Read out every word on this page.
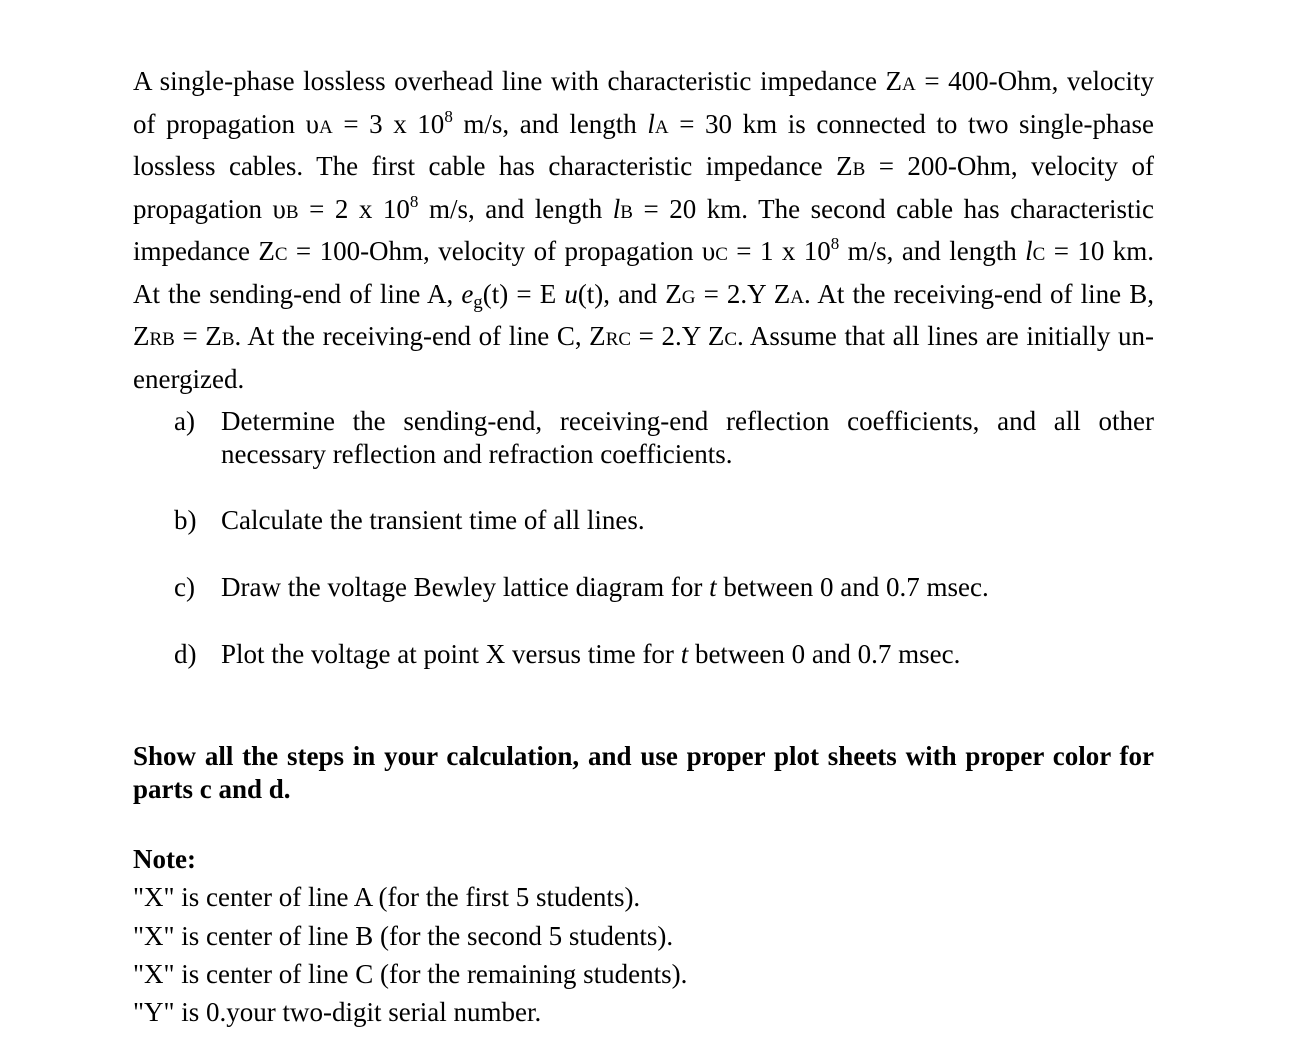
A single-phase lossless overhead line with characteristic impedance ZA = 400-Ohm, velocity of propagation υA = 3 x $10^8$ m/s, and length lA = 30 km is connected to two single-phase lossless cables. The first cable has characteristic impedance ZB = 200-Ohm, velocity of propagation υB = 2 x $10^8$ m/s, and length lB = 20 km. The second cable has characteristic impedance ZC = 100-Ohm, velocity of propagation υC = 1 x $10^8$ m/s, and length lC = 10 km. At the sending-end of line A, $e_g(t) = E$ u(t), and ZG = 2.Y ZA. At the receiving-end of line B, ZRB = ZB. At the receiving-end of line C, ZRC = 2.Y ZC. Assume that all lines are initially un-energized.
a) Determine the sending-end, receiving-end reflection coefficients, and all other necessary reflection and refraction coefficients.
b) Calculate the transient time of all lines.
c) Draw the voltage Bewley lattice diagram for t between 0 and 0.7 msec.
d) Plot the voltage at point X versus time for t between 0 and 0.7 msec.
Show all the steps in your calculation, and use proper plot sheets with proper color for parts c and d.
Note:
"X" is center of line A (for the first 5 students).
"X" is center of line B (for the second 5 students).
"X" is center of line C (for the remaining students).
"Y" is 0.your two-digit serial number.
